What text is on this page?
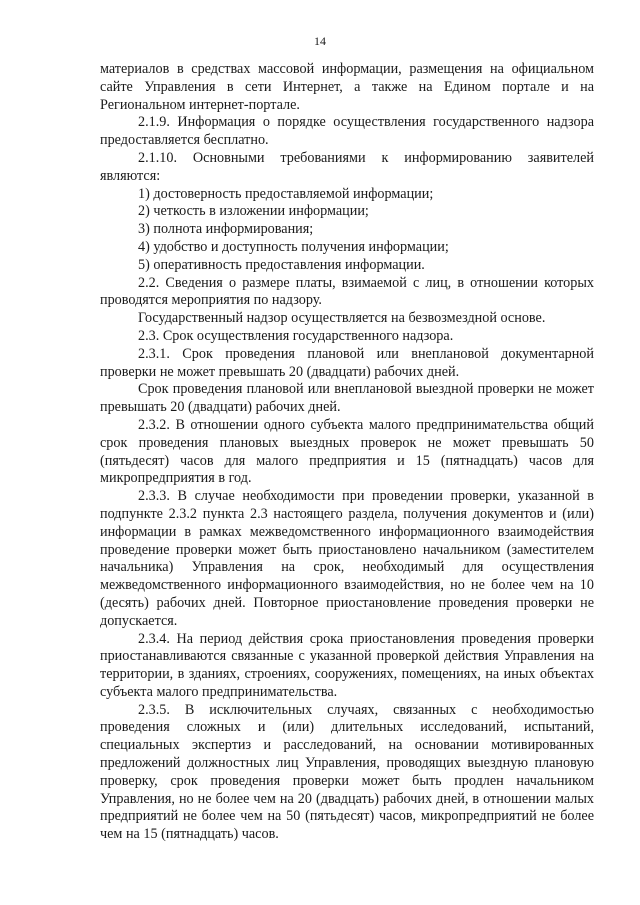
14

материалов в средствах массовой информации, размещения на официальном сайте Управления в сети Интернет, а также на Едином портале и на Региональном интернет-портале.

2.1.9. Информация о порядке осуществления государственного надзора предоставляется бесплатно.

2.1.10. Основными требованиями к информированию заявителей являются:

1) достоверность предоставляемой информации;

2) четкость в изложении информации;

3) полнота информирования;

4) удобство и доступность получения информации;

5) оперативность предоставления информации.

2.2. Сведения о размере платы, взимаемой с лиц, в отношении которых проводятся мероприятия по надзору.

Государственный надзор осуществляется на безвозмездной основе.

2.3. Срок осуществления государственного надзора.

2.3.1. Срок проведения плановой или внеплановой документарной проверки не может превышать 20 (двадцати) рабочих дней.

Срок проведения плановой или внеплановой выездной проверки не может превышать 20 (двадцати) рабочих дней.

2.3.2. В отношении одного субъекта малого предпринимательства общий срок проведения плановых выездных проверок не может превышать 50 (пятьдесят) часов для малого предприятия и 15 (пятнадцать) часов для микропредприятия в год.

2.3.3. В случае необходимости при проведении проверки, указанной в подпункте 2.3.2 пункта 2.3 настоящего раздела, получения документов и (или) информации в рамках межведомственного информационного взаимодействия проведение проверки может быть приостановлено начальником (заместителем начальника) Управления на срок, необходимый для осуществления межведомственного информационного взаимодействия, но не более чем на 10 (десять) рабочих дней. Повторное приостановление проведения проверки не допускается.

2.3.4. На период действия срока приостановления проведения проверки приостанавливаются связанные с указанной проверкой действия Управления на территории, в зданиях, строениях, сооружениях, помещениях, на иных объектах субъекта малого предпринимательства.

2.3.5. В исключительных случаях, связанных с необходимостью проведения сложных и (или) длительных исследований, испытаний, специальных экспертиз и расследований, на основании мотивированных предложений должностных лиц Управления, проводящих выездную плановую проверку, срок проведения проверки может быть продлен начальником Управления, но не более чем на 20 (двадцать) рабочих дней, в отношении малых предприятий не более чем на 50 (пятьдесят) часов, микропредприятий не более чем на 15 (пятнадцать) часов.
